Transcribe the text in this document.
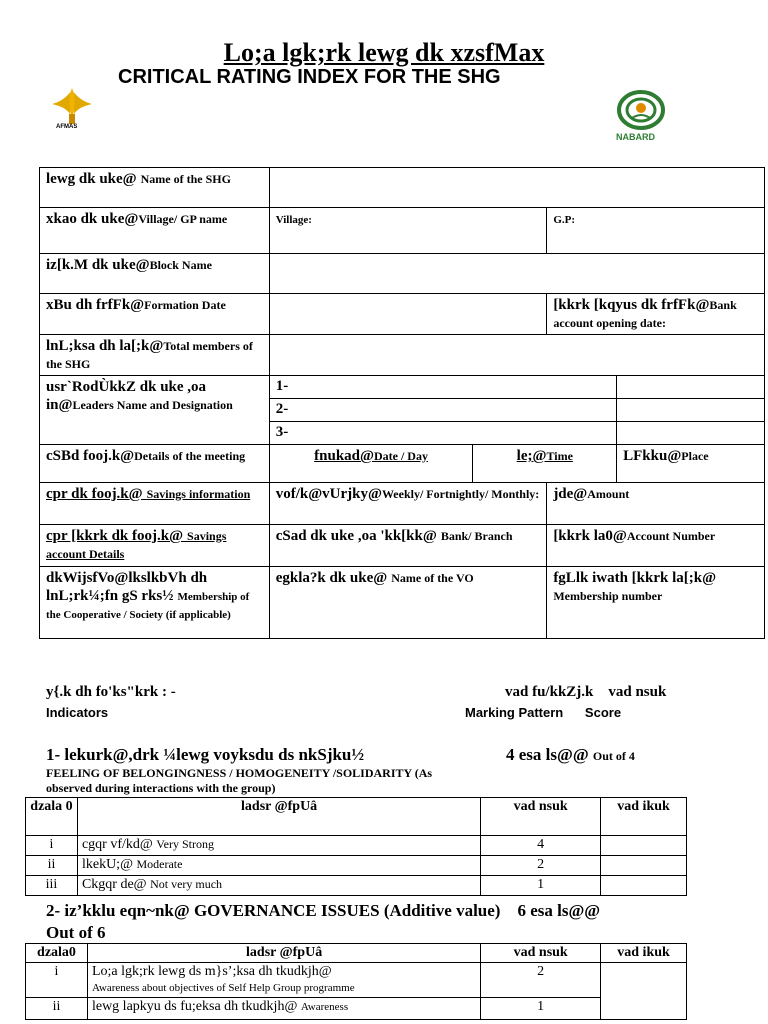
Lo;a lgk;rk lewg dk xzsfMax
CRITICAL RATING INDEX FOR THE SHG
AFMAS
NABARD
lewg dk uke@ Name of the SHG				
xkao dk uke@Village/ GP name	Village:		G.P:	
iz[k.M dk uke@Block Name				
xBu dh frfFk@Formation Date			[kkrk [kqyus dk frfFk@Bank account opening date:	
lnL;ksa dh la[;k@Total members of the SHG				
usr`RodÙkkZ dk uke ,oa in@Leaders Name and Designation	1-			
	2-			
	3-			
cSBd fooj.k@Details of the meeting	fnukad@Date / Day	le;@Time		LFkku@Place
cpr dk fooj.k@ Savings information	vof/k@vUrjky@Weekly/ Fortnightly/ Monthly:		jde@Amount	
cpr [kkrk dk fooj.k@ Savings account Details	cSad dk uke ,oa 'kk[kk@ Bank/ Branch		[kkrk la0@Account Number	
dkWijsfVo@lkslkbVh dh lnL;rk¼;fn gS rks½ Membership of the Cooperative / Society (if applicable)	egkla?k dk uke@ Name of the VO		fgLlk iwath [kkrk la[;k@ Membership number	
y{.k dh fo'ks"krk : -
Indicators
vad fu/kkZj.k vad nsuk
Marking Pattern Score
1- lekurk@,drk ¼lewg voyksdu ds nkSjku½	4 esa ls@@ Out of 4
FEELING OF BELONGINGNESS / HOMOGENEITY /SOLIDARITY (As observed during interactions with the group)
dzala 0	ladsr @fpUâ	vad nsuk	vad ikuk
i	cgqr vf/kd@ Very Strong	4	
ii	lkekU;@ Moderate	2	
iii	Ckgqr de@ Not very much	1	
2- iz’kklu eqn~nk@ GOVERNANCE ISSUES (Additive value) 6 esa ls@@
Out of 6
dzala0	ladsr @fpUâ	vad nsuk	vad ikuk
i	Lo;a lgk;rk lewg ds m}s’;ksa dh tkudkjh@
Awareness about objectives of Self Help Group programme	2	
ii	lewg lapkyu ds fu;eksa dh tkudkjh@ Awareness	1	
